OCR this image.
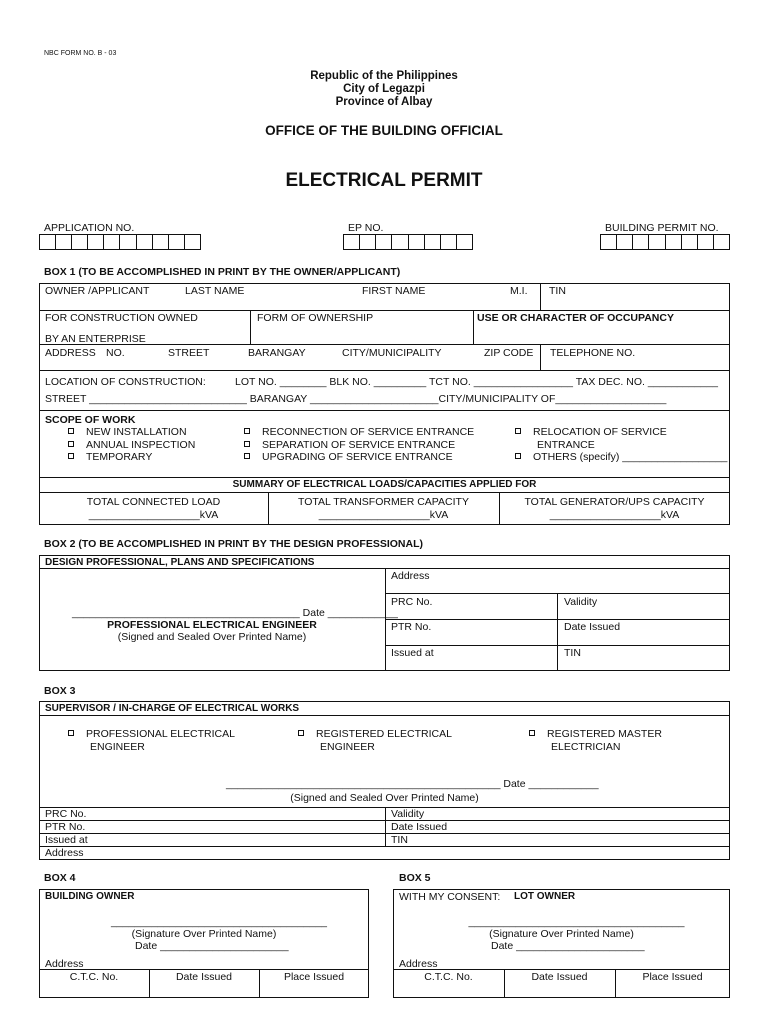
NBC FORM NO. B - 03
Republic of the Philippines
City of Legazpi
Province of Albay
OFFICE OF THE BUILDING OFFICIAL
ELECTRICAL PERMIT
APPLICATION NO.	EP NO.	BUILDING PERMIT NO.
BOX 1 (TO BE ACCOMPLISHED IN PRINT BY THE OWNER/APPLICANT)
OWNER /APPLICANT	LAST NAME	FIRST NAME	M.I. TIN
FOR CONSTRUCTION OWNED
BY AN ENTERPRISE
FORM OF OWNERSHIP	USE OR CHARACTER OF OCCUPANCY
ADDRESS NO.	STREET	BARANGAY	CITY/MUNICIPALITY	ZIP CODE TELEPHONE NO.
LOCATION OF CONSTRUCTION:          LOT NO. ________ BLK NO. _________ TCT NO. _________________ TAX DEC. NO. ____________
STREET ___________________________ BARANGAY ______________________CITY/MUNICIPALITY OF___________________
SCOPE OF WORK
NEW INSTALLATION
ANNUAL INSPECTION
TEMPORARY
RECONNECTION OF SERVICE ENTRANCE
SEPARATION OF SERVICE ENTRANCE
UPGRADING OF SERVICE ENTRANCE
RELOCATION OF SERVICE
ENTRANCE
OTHERS (specify) __________________
SUMMARY OF ELECTRICAL LOADS/CAPACITIES APPLIED FOR
TOTAL CONNECTED LOAD
___________________kVA
TOTAL TRANSFORMER CAPACITY
___________________kVA
TOTAL GENERATOR/UPS CAPACITY
___________________kVA
BOX 2 (TO BE ACCOMPLISHED IN PRINT BY THE DESIGN PROFESSIONAL)
DESIGN PROFESSIONAL, PLANS AND SPECIFICATIONS
_______________________________________ Date ____________
PROFESSIONAL ELECTRICAL ENGINEER
(Signed and Sealed Over Printed Name)
Address
PRC No.	Validity
PTR No.	Date Issued
Issued at	TIN
BOX 3
SUPERVISOR / IN-CHARGE OF ELECTRICAL WORKS
PROFESSIONAL ELECTRICAL
ENGINEER
REGISTERED ELECTRICAL
ENGINEER
REGISTERED MASTER
ELECTRICIAN
_______________________________________________ Date ____________
(Signed and Sealed Over Printed Name)
PRC No.	Validity
PTR No.	Date Issued
Issued at	TIN
Address
BOX 4
BUILDING OWNER
_____________________________________
(Signature Over Printed Name)
Date ______________________
Address
C.T.C. No.	Date Issued	Place Issued
BOX 5
WITH MY CONSENT: LOT OWNER
_____________________________________
(Signature Over Printed Name)
Date ______________________
Address
C.T.C. No.	Date Issued	Place Issued
